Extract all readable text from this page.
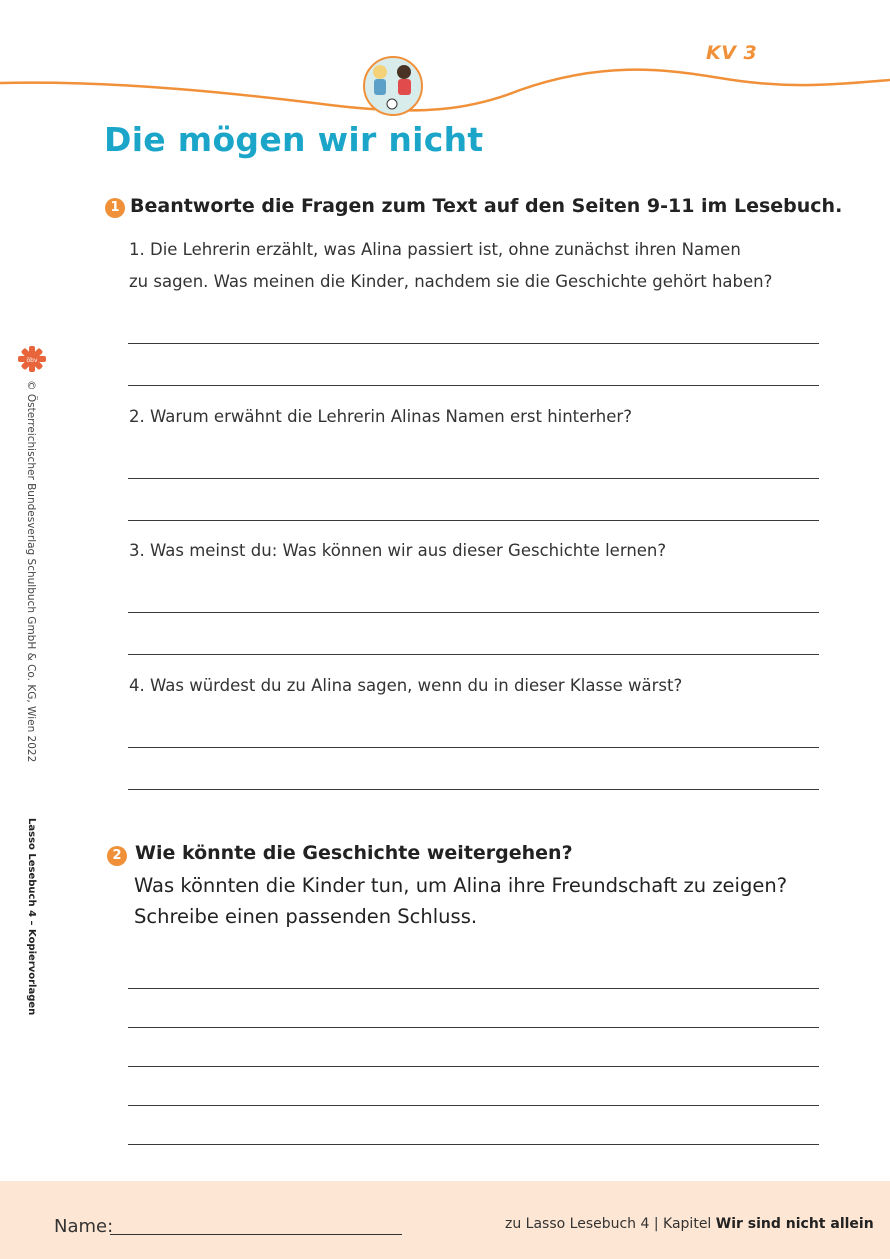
KV 3
Die mögen wir nicht
öbv
© Österreichischer Bundesverlag Schulbuch GmbH & Co. KG, Wien 2022
Lasso Lesebuch 4 – Kopiervorlagen
1 Beantworte die Fragen zum Text auf den Seiten 9-11 im Lesebuch.
1. Die Lehrerin erzählt, was Alina passiert ist, ohne zunächst ihren Namen
zu sagen. Was meinen die Kinder, nachdem sie die Geschichte gehört haben?
2. Warum erwähnt die Lehrerin Alinas Namen erst hinterher?
3. Was meinst du: Was können wir aus dieser Geschichte lernen?
4. Was würdest du zu Alina sagen, wenn du in dieser Klasse wärst?
2 Wie könnte die Geschichte weitergehen?
Was könnten die Kinder tun, um Alina ihre Freundschaft zu zeigen?
Schreibe einen passenden Schluss.
Name:	zu Lasso Lesebuch 4 | Kapitel Wir sind nicht allein
